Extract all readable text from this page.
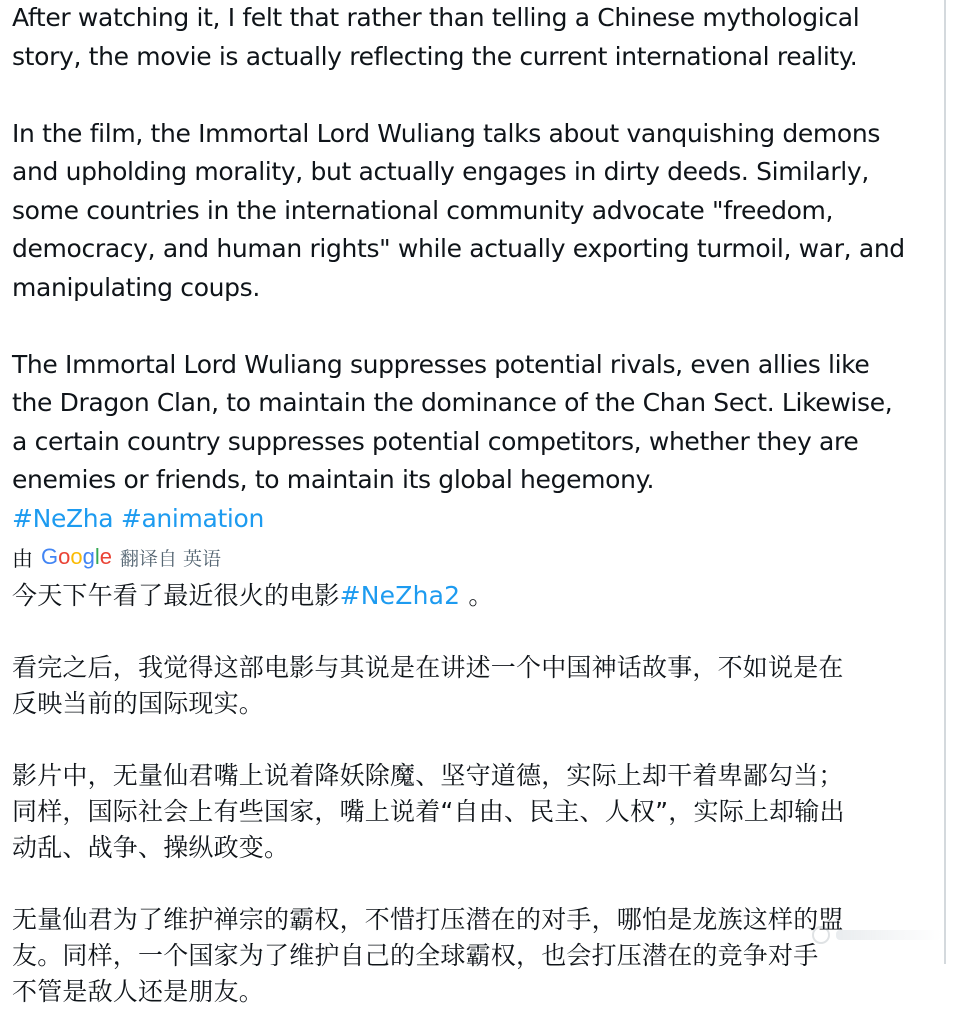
After watching it, I felt that rather than telling a Chinese mythological
story, the movie is actually reflecting the current international reality.

In the film, the Immortal Lord Wuliang talks about vanquishing demons
and upholding morality, but actually engages in dirty deeds. Similarly,
some countries in the international community advocate "freedom,
democracy, and human rights" while actually exporting turmoil, war, and
manipulating coups.

The Immortal Lord Wuliang suppresses potential rivals, even allies like
the Dragon Clan, to maintain the dominance of the Chan Sect. Likewise,
a certain country suppresses potential competitors, whether they are
enemies or friends, to maintain its global hegemony.

#NeZha #animation
由 G o o g l e 翻译自 英语

今天下午看了最近很火的电影#NeZha2 。

看完之后，我觉得这部电影与其说是在讲述一个中国神话故事，不如说是在
反映当前的国际现实。

影片中，无量仙君嘴上说着降妖除魔、坚守道德，实际上却干着卑鄙勾当；
同样，国际社会上有些国家，嘴上说着“自由、民主、人权”，实际上却输出
动乱、战争、操纵政变。

无量仙君为了维护禅宗的霸权，不惜打压潜在的对手，哪怕是龙族这样的盟
友。同样，一个国家为了维护自己的全球霸权，也会打压潜在的竞争对手
不管是敌人还是朋友。
